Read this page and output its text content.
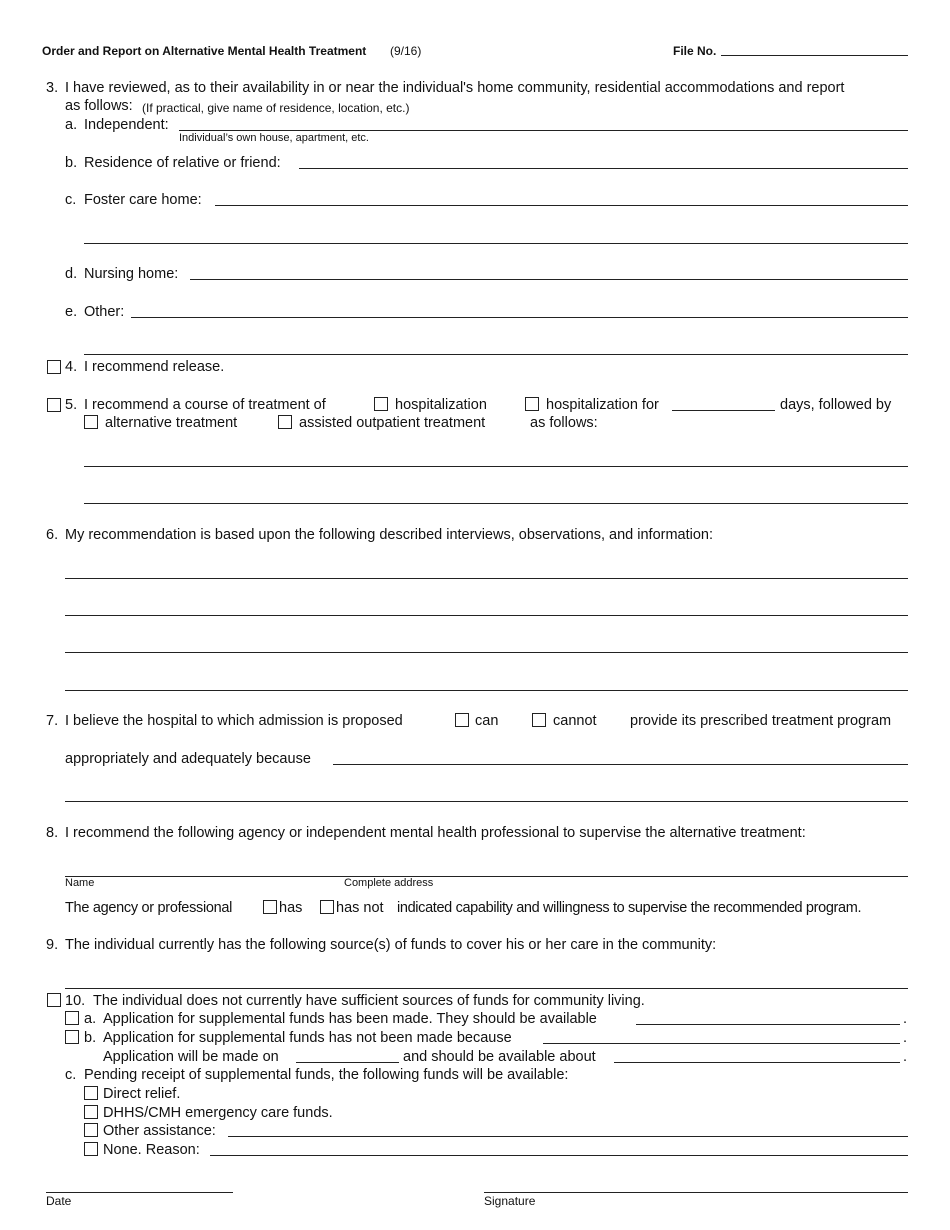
Order and Report on Alternative Mental Health Treatment (9/16)	File No.
3. I have reviewed, as to their availability in or near the individual's home community, residential accommodations and report
as follows: (If practical, give name of residence, location, etc.)
a. Independent:
Individual’s own house, apartment, etc.
b. Residence of relative or friend:
c. Foster care home:
d. Nursing home:
e. Other:
4. I recommend release.
5. I recommend a course of treatment of	hospitalization	hospitalization for	days, followed by
alternative treatment	assisted outpatient treatment	as follows:
6. My recommendation is based upon the following described interviews, observations, and information:
7. I believe the hospital to which admission is proposed	can	cannot provide its prescribed treatment program
appropriately and adequately because
8. I recommend the following agency or independent mental health professional to supervise the alternative treatment:
Name	Complete address
The agency or professional	has has not indicated capability and willingness to supervise the recommended program.
9. The individual currently has the following source(s) of funds to cover his or her care in the community:
10. The individual does not currently have sufficient sources of funds for community living.
a. Application for supplemental funds has been made. They should be available	.
b. Application for supplemental funds has not been made because	.
Application will be made on	and should be available about	.
c. Pending receipt of supplemental funds, the following funds will be available:
Direct relief.
DHHS/CMH emergency care funds.
Other assistance:
None. Reason:
Date	Signature
